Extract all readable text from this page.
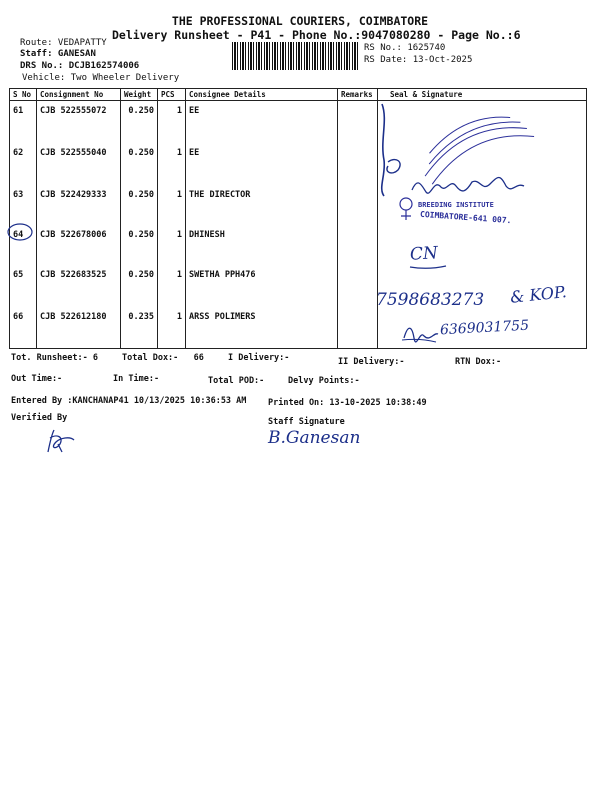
THE PROFESSIONAL COURIERS, COIMBATORE
Delivery Runsheet - P41 - Phone No.:9047080280 - Page No.:6
Route: VEDAPATTY
Staff: GANESAN
DRS No.: DCJB162574006
Vehicle: Two Wheeler Delivery
RS No.: 1625740
RS Date: 13-Oct-2025
S No	Consignment No	Weight	PCS	Consignee Details	Remarks	Seal & Signature
61	CJB 522555072	0.250	1	EE		
62	CJB 522555040	0.250	1	EE		
63	CJB 522429333	0.250	1	THE DIRECTOR		
64	CJB 522678006	0.250	1	DHINESH		
65	CJB 522683525	0.250	1	SWETHA PPH476		
66	CJB 522612180	0.235	1	ARSS POLIMERS		
BREEDING INSTITUTE
COIMBATORE-641 007.
CN
7598683273 & KOP.
6369031755
Tot. Runsheet:- 6	Total Dox:-   66	I Delivery:-	II Delivery:-	RTN Dox:-
Out Time:-	In Time:-	Total POD:-	Delvy Points:-
Entered By :KANCHANAP41 10/13/2025 10:36:53 AM	Printed On: 13-10-2025 10:38:49
Verified By	Staff Signature
B.Ganesan
